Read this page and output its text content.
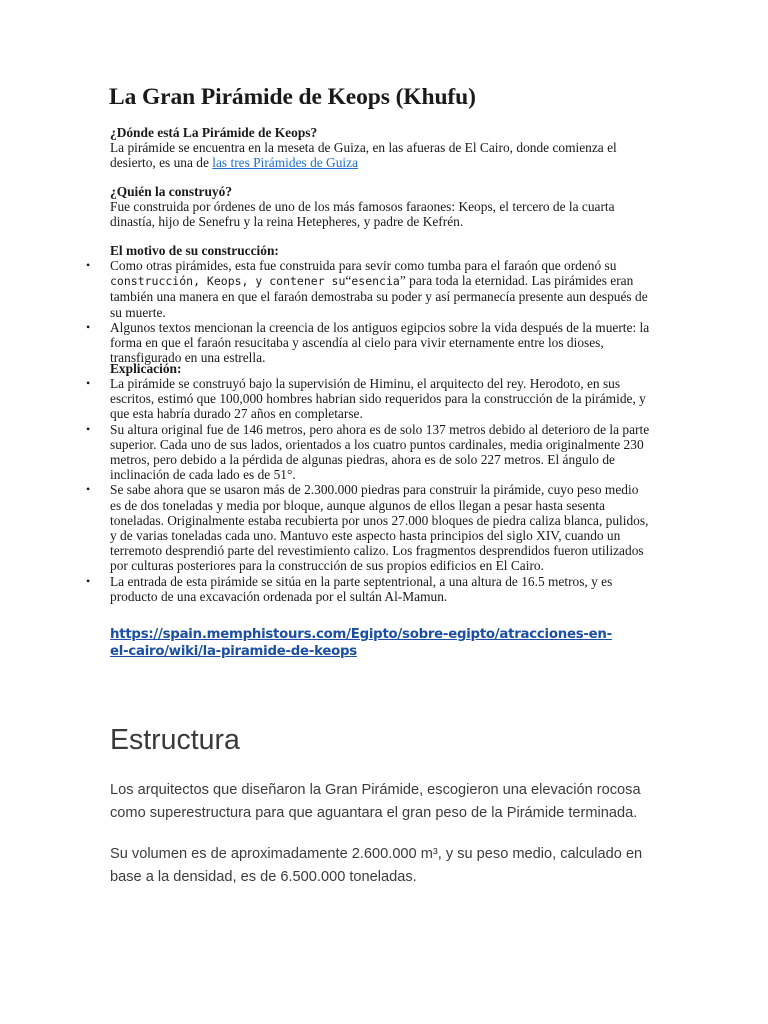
La Gran Pirámide de Keops (Khufu)

¿Dónde está La Pirámide de Keops?

La pirámide se encuentra en la meseta de Guiza, en las afueras de El Cairo, donde comienza el desierto, es una de las tres Pirámides de Guiza

¿Quién la construyó?

Fue construida por órdenes de uno de los más famosos faraones: Keops, el tercero de la cuarta dinastía, hijo de Senefru y la reina Hetepheres, y padre de Kefrén.

El motivo de su construcción:

• Como otras pirámides, esta fue construida para sevir como tumba para el faraón que ordenó su construcción, Keops, y contener su“esencia” para toda la eternidad. Las pirámides eran también una manera en que el faraón demostraba su poder y así permanecía presente aun después de su muerte.
• Algunos textos mencionan la creencia de los antiguos egipcios sobre la vida después de la muerte: la forma en que el faraón resucitaba y ascendía al cielo para vivir eternamente entre los dioses, transfigurado en una estrella.

Explicación:

• La pirámide se construyó bajo la supervisión de Himinu, el arquitecto del rey. Herodoto, en sus escritos, estimó que 100,000 hombres habrian sido requeridos para la construcción de la pirámide, y que esta habría durado 27 años en completarse.
• Su altura original fue de 146 metros, pero ahora es de solo 137 metros debido al deterioro de la parte superior. Cada uno de sus lados, orientados a los cuatro puntos cardinales, media originalmente 230 metros, pero debido a la pérdida de algunas piedras, ahora es de solo 227 metros. El ángulo de inclinación de cada lado es de 51°.
• Se sabe ahora que se usaron más de 2.300.000 piedras para construir la pirámide, cuyo peso medio es de dos toneladas y media por bloque, aunque algunos de ellos llegan a pesar hasta sesenta toneladas. Originalmente estaba recubierta por unos 27.000 bloques de piedra caliza blanca, pulidos, y de varias toneladas cada uno. Mantuvo este aspecto hasta principios del siglo XIV, cuando un terremoto desprendió parte del revestimiento calizo. Los fragmentos desprendidos fueron utilizados por culturas posteriores para la construcción de sus propios edificios en El Cairo.
• La entrada de esta pirámide se sitúa en la parte septentrional, a una altura de 16.5 metros, y es producto de una excavación ordenada por el sultán Al-Mamun.
https://spain.memphistours.com/Egipto/sobre-egipto/atracciones-en-el-cairo/wiki/la-piramide-de-keops
Estructura

Los arquitectos que diseñaron la Gran Pirámide, escogieron una elevación rocosa como superestructura para que aguantara el gran peso de la Pirámide terminada.

Su volumen es de aproximadamente 2.600.000 m³, y su peso medio, calculado en base a la densidad, es de 6.500.000 toneladas.
